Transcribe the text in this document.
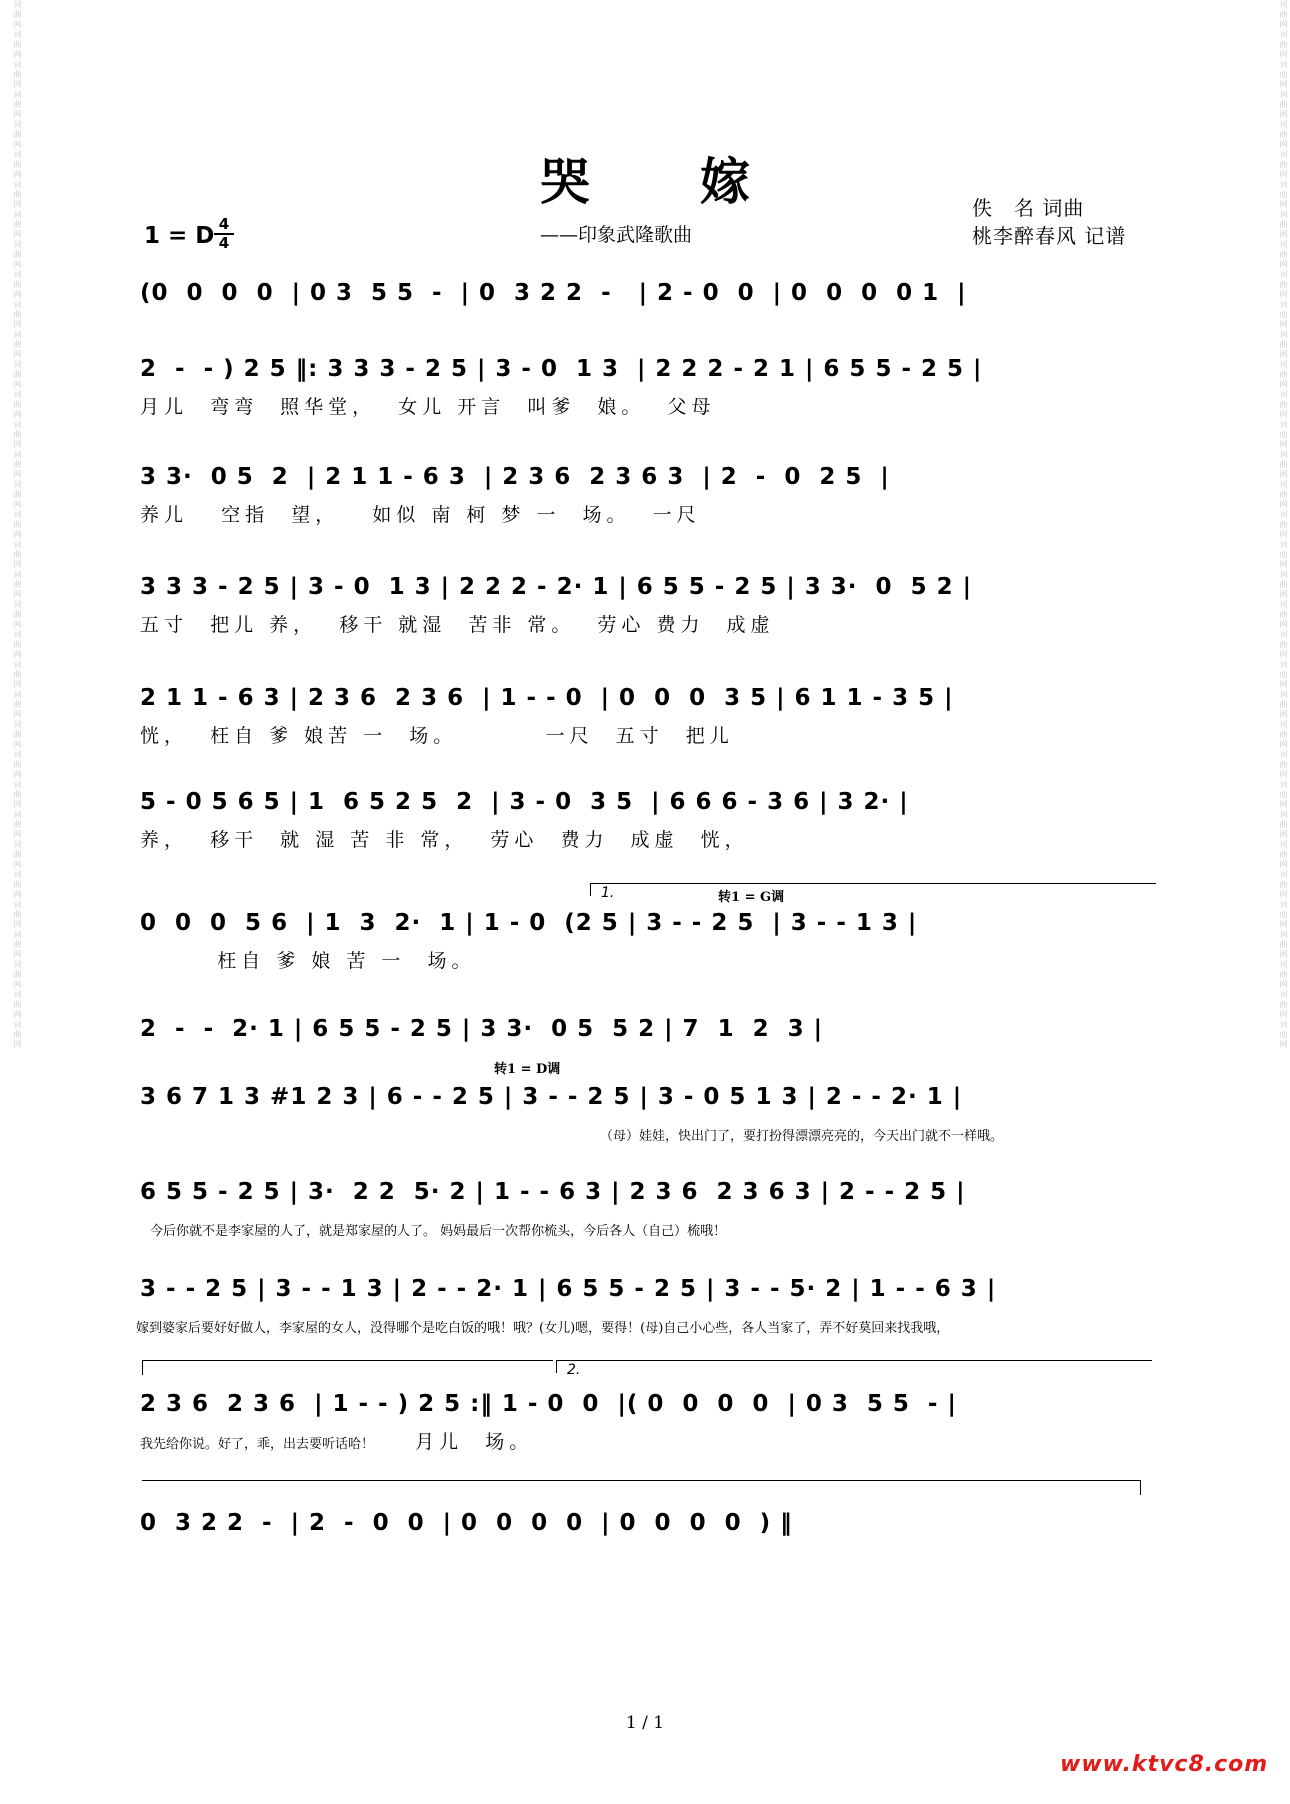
词曲网词曲网词曲网词曲网词曲网词曲网词曲网词曲网词曲网词曲网词曲网词曲网词曲网词曲网词曲网词曲网词曲网词曲网词曲网词曲网词曲网词曲网词曲网词曲网词曲网词曲网词曲网词曲网词曲网词曲网词曲网词曲网词曲网词曲网词曲网	词曲网词曲网词曲网词曲网词曲网词曲网词曲网词曲网词曲网词曲网词曲网词曲网词曲网词曲网词曲网词曲网词曲网词曲网词曲网词曲网词曲网词曲网词曲网词曲网词曲网词曲网词曲网词曲网词曲网词曲网词曲网词曲网词曲网词曲网词曲网
哭嫁
——印象武隆歌曲
佚　名 词曲
桃李醉春风 记谱
1 = D 4
4
(0  0  0  0  | 0 3  5 5  -  | 0  3 2 2  -   | 2 - 0  0  | 0  0  0  0 1  |
2  -  - ) 2 5 ‖: 3 3 3 - 2 5 | 3 - 0  1 3  | 2 2 2 - 2 1 | 6 5 5 - 2 5 |
月儿  弯弯  照华堂，  女儿 开言  叫爹  娘。  父母
3 3·  0 5  2  | 2 1 1 - 6 3  | 2 3 6  2 3 6 3  | 2  -  0  2 5  |
养儿   空指  望，   如似 南 柯 梦 一  场。  一尺
3 3 3 - 2 5 | 3 - 0  1 3 | 2 2 2 - 2· 1 | 6 5 5 - 2 5 | 3 3·  0  5 2 |
五寸  把儿 养，  移干 就湿  苦非 常。  劳心 费力  成虚
2 1 1 - 6 3 | 2 3 6  2 3 6  | 1 - - 0  | 0  0  0  3 5 | 6 1 1 - 3 5 |
恍，  枉自 爹 娘苦 一  场。        一尺  五寸  把儿
5 - 0 5 6 5 | 1  6 5 2 5  2  | 3 - 0  3 5  | 6 6 6 - 3 6 | 3 2· |
养，  移干  就 湿 苦 非 常，  劳心  费力  成虚  恍，
1.	转1 = G调
0  0  0  5 6  | 1  3  2·  1 | 1 - 0  (2 5 | 3 - - 2 5  | 3 - - 1 3 |
枉自 爹 娘 苦 一  场。
2  -  -  2· 1 | 6 5 5 - 2 5 | 3 3·  0 5  5 2 | 7  1  2  3 |
转1 = D调
3 6 7 1 3 #1 2 3 | 6 - - 2 5 | 3 - - 2 5 | 3 - 0 5 1 3 | 2 - - 2· 1 |
（母）娃娃，快出门了，要打扮得漂漂亮亮的，今天出门就不一样哦。
6 5 5 - 2 5 | 3·  2 2  5· 2 | 1 - - 6 3 | 2 3 6  2 3 6 3 | 2 - - 2 5 |
今后你就不是李家屋的人了，就是郑家屋的人了。 妈妈最后一次帮你梳头，今后各人（自己）梳哦！
3 - - 2 5 | 3 - - 1 3 | 2 - - 2· 1 | 6 5 5 - 2 5 | 3 - - 5· 2 | 1 - - 6 3 |
嫁到婆家后要好好做人，李家屋的女人，没得哪个是吃白饭的哦！哦？(女儿)嗯，要得！(母)自己小心些，各人当家了，弄不好莫回来找我哦，
2.
2 3 6  2 3 6  | 1 - - ) 2 5 :‖ 1 - 0  0  |( 0  0  0  0  | 0 3  5 5  - |
我先给你说。好了，乖，出去要听话哈！ 月儿  场。
0  3 2 2  -  | 2  -  0  0  | 0  0  0  0  | 0  0  0  0  ) ‖
1 / 1
www.ktvc8.com
